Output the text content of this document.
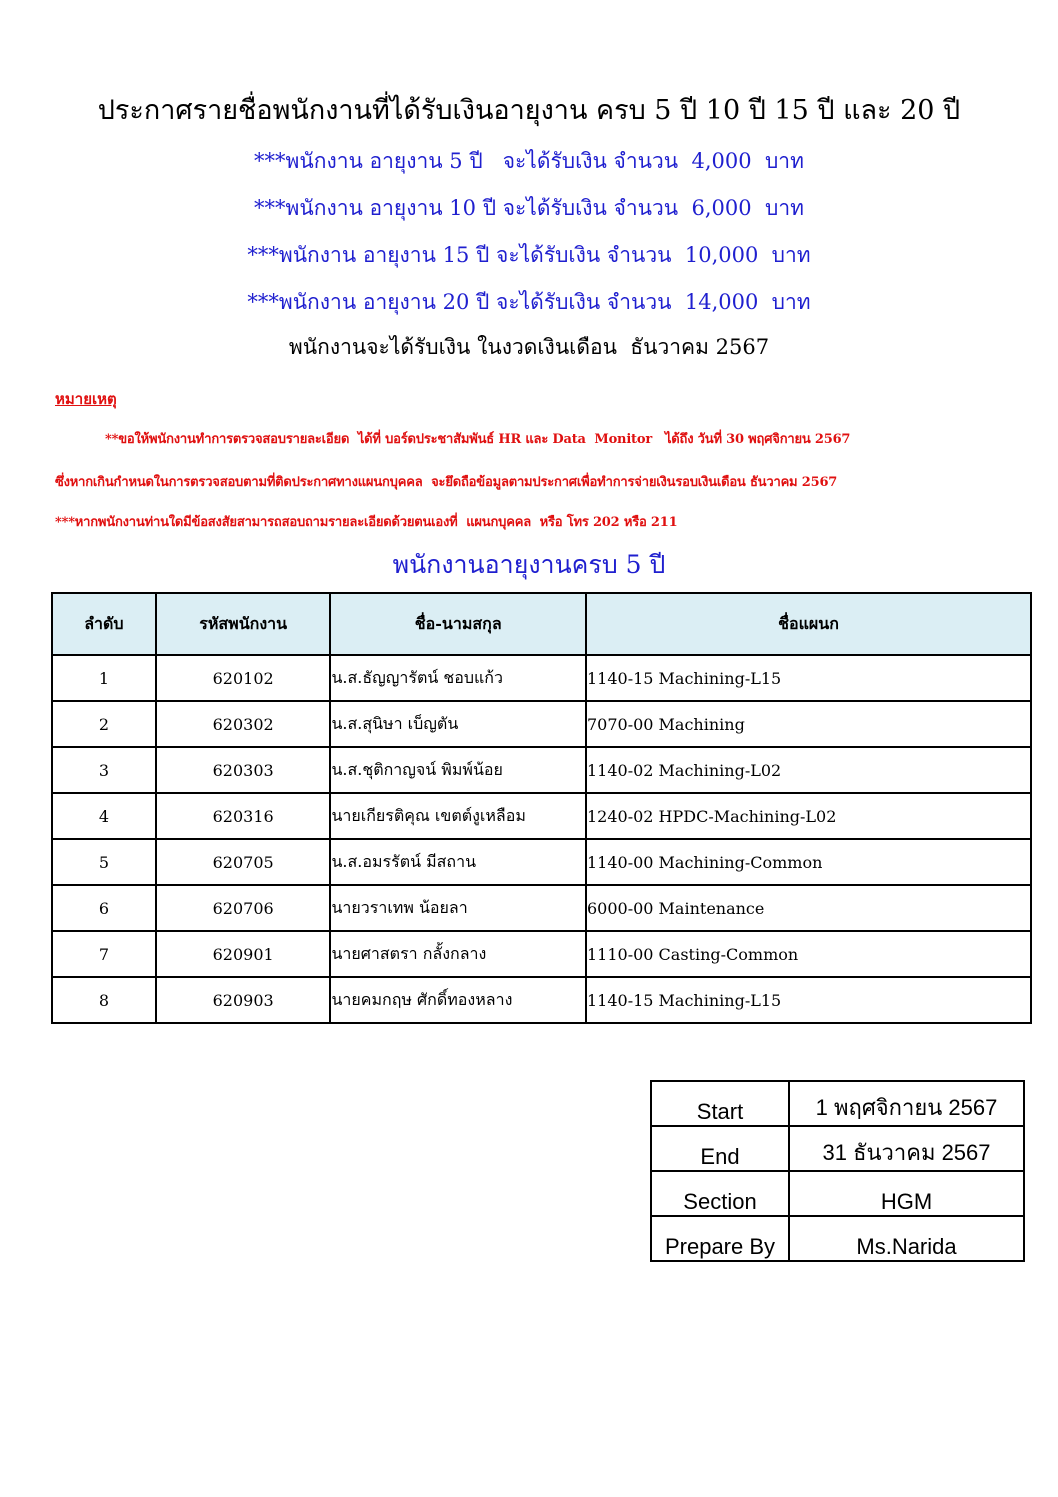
ประกาศรายชื่อพนักงานที่ได้รับเงินอายุงาน ครบ 5 ปี 10 ปี 15 ปี และ 20 ปี
***พนักงาน อายุงาน 5 ปี   จะได้รับเงิน จำนวน  4,000  บาท
***พนักงาน อายุงาน 10 ปี จะได้รับเงิน จำนวน  6,000  บาท
***พนักงาน อายุงาน 15 ปี จะได้รับเงิน จำนวน  10,000  บาท
***พนักงาน อายุงาน 20 ปี จะได้รับเงิน จำนวน  14,000  บาท
พนักงานจะได้รับเงิน ในงวดเงินเดือน  ธันวาคม 2567
หมายเหตุ
**ขอให้พนักงานทำการตรวจสอบรายละเอียด  ได้ที่ บอร์ดประชาสัมพันธ์ HR และ Data  Monitor   ได้ถึง วันที่ 30 พฤศจิกายน 2567
ซึ่งหากเกินกำหนดในการตรวจสอบตามที่ติดประกาศทางแผนกบุคคล  จะยึดถือข้อมูลตามประกาศเพื่อทำการจ่ายเงินรอบเงินเดือน ธันวาคม 2567
***หากพนักงานท่านใดมีข้อสงสัยสามารถสอบถามรายละเอียดด้วยตนเองที่  แผนกบุคคล  หรือ โทร 202 หรือ 211
พนักงานอายุงานครบ 5 ปี
ลำดับ	รหัสพนักงาน	ชื่อ-นามสกุล	ชื่อแผนก
1	620102	น.ส.ธัญญารัตน์ ชอบแก้ว	1140-15 Machining-L15
2	620302	น.ส.สุนิษา เบ็ญตัน	7070-00 Machining
3	620303	น.ส.ชุติกาญจน์ พิมพ์น้อย	1140-02 Machining-L02
4	620316	นายเกียรติคุณ เขตต์งูเหลือม	1240-02 HPDC-Machining-L02
5	620705	น.ส.อมรรัตน์ มีสถาน	1140-00 Machining-Common
6	620706	นายวราเทพ น้อยลา	6000-00 Maintenance
7	620901	นายศาสตรา กลั้งกลาง	1110-00 Casting-Common
8	620903	นายคมกฤษ ศักดิ์ทองหลาง	1140-15 Machining-L15
Start	1 พฤศจิกายน 2567
End	31 ธันวาคม 2567
Section	HGM
Prepare By	Ms.Narida
